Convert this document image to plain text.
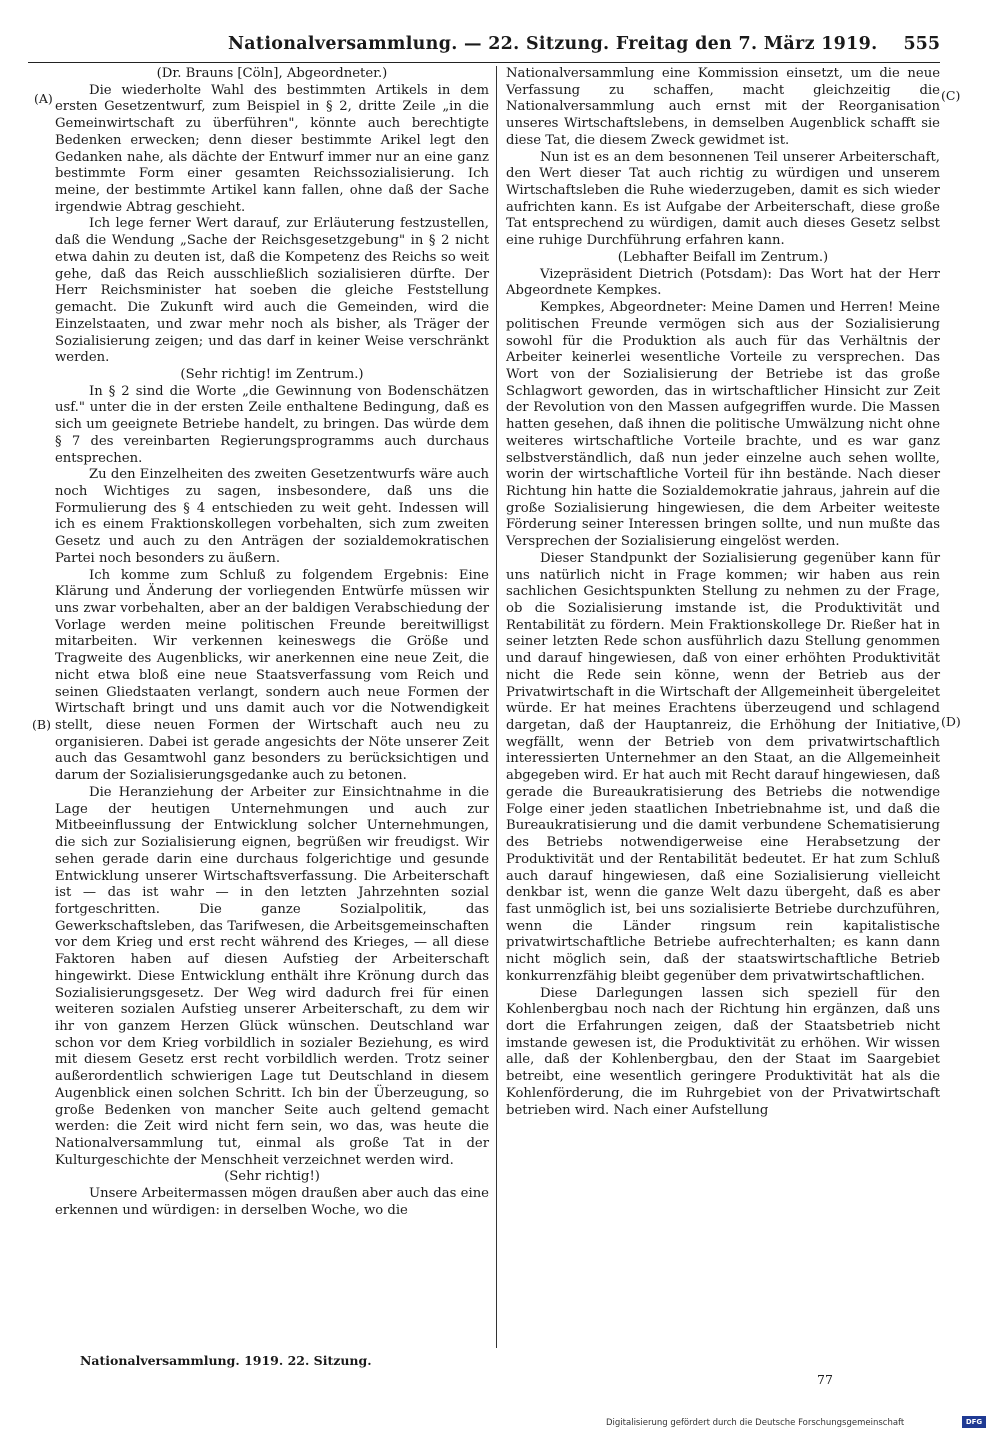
Nationalversammlung. — 22. Sitzung. Freitag den 7. März 1919. 555
(A)
(B)
(C)
(D)

(Dr. Brauns [Cöln], Abgeordneter.)

Die wiederholte Wahl des bestimmten Artikels in dem ersten Gesetzentwurf, zum Beispiel in § 2, dritte Zeile „in die Gemeinwirtschaft zu überführen", könnte auch berechtigte Bedenken erwecken; denn dieser bestimmte Arikel legt den Gedanken nahe, als dächte der Entwurf immer nur an eine ganz bestimmte Form einer gesamten Reichssozialisierung. Ich meine, der bestimmte Artikel kann fallen, ohne daß der Sache irgendwie Abtrag geschieht.

Ich lege ferner Wert darauf, zur Erläuterung festzustellen, daß die Wendung „Sache der Reichsgesetzgebung" in § 2 nicht etwa dahin zu deuten ist, daß die Kompetenz des Reichs so weit gehe, daß das Reich ausschließlich sozialisieren dürfte. Der Herr Reichsminister hat soeben die gleiche Feststellung gemacht. Die Zukunft wird auch die Gemeinden, wird die Einzelstaaten, und zwar mehr noch als bisher, als Träger der Sozialisierung zeigen; und das darf in keiner Weise verschränkt werden.

(Sehr richtig! im Zentrum.)

In § 2 sind die Worte „die Gewinnung von Bodenschätzen usf." unter die in der ersten Zeile enthaltene Bedingung, daß es sich um geeignete Betriebe handelt, zu bringen. Das würde dem § 7 des vereinbarten Regierungsprogramms auch durchaus entsprechen.

Zu den Einzelheiten des zweiten Gesetzentwurfs wäre auch noch Wichtiges zu sagen, insbesondere, daß uns die Formulierung des § 4 entschieden zu weit geht. Indessen will ich es einem Fraktionskollegen vorbehalten, sich zum zweiten Gesetz und auch zu den Anträgen der sozialdemokratischen Partei noch besonders zu äußern.

Ich komme zum Schluß zu folgendem Ergebnis: Eine Klärung und Änderung der vorliegenden Entwürfe müssen wir uns zwar vorbehalten, aber an der baldigen Verabschiedung der Vorlage werden meine politischen Freunde bereitwilligst mitarbeiten. Wir verkennen keineswegs die Größe und Tragweite des Augenblicks, wir anerkennen eine neue Zeit, die nicht etwa bloß eine neue Staatsverfassung vom Reich und seinen Gliedstaaten verlangt, sondern auch neue Formen der Wirtschaft bringt und uns damit auch vor die Notwendigkeit stellt, diese neuen Formen der Wirtschaft auch neu zu organisieren. Dabei ist gerade angesichts der Nöte unserer Zeit auch das Gesamtwohl ganz besonders zu berücksichtigen und darum der Sozialisierungsgedanke auch zu betonen.

Die Heranziehung der Arbeiter zur Einsichtnahme in die Lage der heutigen Unternehmungen und auch zur Mitbeeinflussung der Entwicklung solcher Unternehmungen, die sich zur Sozialisierung eignen, begrüßen wir freudigst. Wir sehen gerade darin eine durchaus folgerichtige und gesunde Entwicklung unserer Wirtschaftsverfassung. Die Arbeiterschaft ist — das ist wahr — in den letzten Jahrzehnten sozial fortgeschritten. Die ganze Sozialpolitik, das Gewerkschaftsleben, das Tarifwesen, die Arbeitsgemeinschaften vor dem Krieg und erst recht während des Krieges, — all diese Faktoren haben auf diesen Aufstieg der Arbeiterschaft hingewirkt. Diese Entwicklung enthält ihre Krönung durch das Sozialisierungsgesetz. Der Weg wird dadurch frei für einen weiteren sozialen Aufstieg unserer Arbeiterschaft, zu dem wir ihr von ganzem Herzen Glück wünschen. Deutschland war schon vor dem Krieg vorbildlich in sozialer Beziehung, es wird mit diesem Gesetz erst recht vorbildlich werden. Trotz seiner außerordentlich schwierigen Lage tut Deutschland in diesem Augenblick einen solchen Schritt. Ich bin der Überzeugung, so große Bedenken von mancher Seite auch geltend gemacht werden: die Zeit wird nicht fern sein, wo das, was heute die Nationalversammlung tut, einmal als große Tat in der Kulturgeschichte der Menschheit verzeichnet werden wird.

(Sehr richtig!)

Unsere Arbeitermassen mögen draußen aber auch das eine erkennen und würdigen: in derselben Woche, wo die

Nationalversammlung eine Kommission einsetzt, um die neue Verfassung zu schaffen, macht gleichzeitig die Nationalversammlung auch ernst mit der Reorganisation unseres Wirtschaftslebens, in demselben Augenblick schafft sie diese Tat, die diesem Zweck gewidmet ist.

Nun ist es an dem besonnenen Teil unserer Arbeiterschaft, den Wert dieser Tat auch richtig zu würdigen und unserem Wirtschaftsleben die Ruhe wiederzugeben, damit es sich wieder aufrichten kann. Es ist Aufgabe der Arbeiterschaft, diese große Tat entsprechend zu würdigen, damit auch dieses Gesetz selbst eine ruhige Durchführung erfahren kann.

(Lebhafter Beifall im Zentrum.)

Vizepräsident Dietrich (Potsdam): Das Wort hat der Herr Abgeordnete Kempkes.

Kempkes, Abgeordneter: Meine Damen und Herren! Meine politischen Freunde vermögen sich aus der Sozialisierung sowohl für die Produktion als auch für das Verhältnis der Arbeiter keinerlei wesentliche Vorteile zu versprechen. Das Wort von der Sozialisierung der Betriebe ist das große Schlagwort geworden, das in wirtschaftlicher Hinsicht zur Zeit der Revolution von den Massen aufgegriffen wurde. Die Massen hatten gesehen, daß ihnen die politische Umwälzung nicht ohne weiteres wirtschaftliche Vorteile brachte, und es war ganz selbstverständlich, daß nun jeder einzelne auch sehen wollte, worin der wirtschaftliche Vorteil für ihn bestände. Nach dieser Richtung hin hatte die Sozialdemokratie jahraus, jahrein auf die große Sozialisierung hingewiesen, die dem Arbeiter weiteste Förderung seiner Interessen bringen sollte, und nun mußte das Versprechen der Sozialisierung eingelöst werden.

Dieser Standpunkt der Sozialisierung gegenüber kann für uns natürlich nicht in Frage kommen; wir haben aus rein sachlichen Gesichtspunkten Stellung zu nehmen zu der Frage, ob die Sozialisierung imstande ist, die Produktivität und Rentabilität zu fördern. Mein Fraktionskollege Dr. Rießer hat in seiner letzten Rede schon ausführlich dazu Stellung genommen und darauf hingewiesen, daß von einer erhöhten Produktivität nicht die Rede sein könne, wenn der Betrieb aus der Privatwirtschaft in die Wirtschaft der Allgemeinheit übergeleitet würde. Er hat meines Erachtens überzeugend und schlagend dargetan, daß der Hauptanreiz, die Erhöhung der Initiative, wegfällt, wenn der Betrieb von dem privatwirtschaftlich interessierten Unternehmer an den Staat, an die Allgemeinheit abgegeben wird. Er hat auch mit Recht darauf hingewiesen, daß gerade die Bureaukratisierung des Betriebs die notwendige Folge einer jeden staatlichen Inbetriebnahme ist, und daß die Bureaukratisierung und die damit verbundene Schematisierung des Betriebs notwendigerweise eine Herabsetzung der Produktivität und der Rentabilität bedeutet. Er hat zum Schluß auch darauf hingewiesen, daß eine Sozialisierung vielleicht denkbar ist, wenn die ganze Welt dazu übergeht, daß es aber fast unmöglich ist, bei uns sozialisierte Betriebe durchzuführen, wenn die Länder ringsum rein kapitalistische privatwirtschaftliche Betriebe aufrechterhalten; es kann dann nicht möglich sein, daß der staatswirtschaftliche Betrieb konkurrenzfähig bleibt gegenüber dem privatwirtschaftlichen.

Diese Darlegungen lassen sich speziell für den Kohlenbergbau noch nach der Richtung hin ergänzen, daß uns dort die Erfahrungen zeigen, daß der Staatsbetrieb nicht imstande gewesen ist, die Produktivität zu erhöhen. Wir wissen alle, daß der Kohlenbergbau, den der Staat im Saargebiet betreibt, eine wesentlich geringere Produktivität hat als die Kohlenförderung, die im Ruhrgebiet von der Privatwirtschaft betrieben wird. Nach einer Aufstellung

Nationalversammlung. 1919. 22. Sitzung.
77
Digitalisierung gefördert durch die Deutsche Forschungsgemeinschaft	DFG
